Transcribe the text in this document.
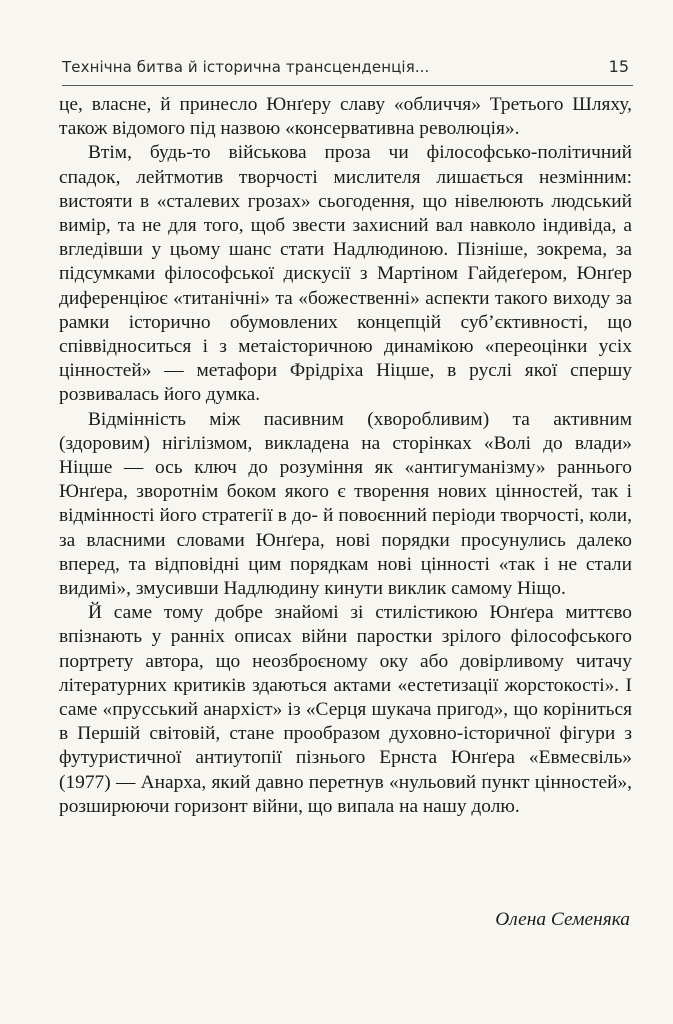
Технічна битва й історична трансценденція...	15

це, власне, й принесло Юнґеру славу «обличчя» Третього Шляху, також відомого під назвою «консервативна революція».

Втім, будь-то військова проза чи філософсько-політичний спадок, лейтмотив творчості мислителя лишається незмінним: вистояти в «сталевих грозах» сьогодення, що нівелюють людський вимір, та не для того, щоб звести захисний вал навколо індивіда, а вгледівши у цьому шанс стати Надлюдиною. Пізніше, зокрема, за підсумками філософської дискусії з Мартіном Гайдеґером, Юнґер диференціює «титанічні» та «божественні» аспекти такого виходу за рамки історично обумовлених концепцій суб’єктивності, що співвідноситься і з метаісторичною динамікою «переоцінки усіх цінностей» — метафори Фрідріха Ніцше, в руслі якої спершу розвивалась його думка.

Відмінність між пасивним (хворобливим) та активним (здоровим) нігілізмом, викладена на сторінках «Волі до влади» Ніцше — ось ключ до розуміння як «антигуманізму» раннього Юнґера, зворотнім боком якого є творення нових цінностей, так і відмінності його стратегії в до- й повоєнний періоди творчості, коли, за власними словами Юнґера, нові порядки просунулись далеко вперед, та відповідні цим порядкам нові цінності «так і не стали видимі», змусивши Надлюдину кинути виклик самому Ніщо.

Й саме тому добре знайомі зі стилістикою Юнґера миттєво впізнають у ранніх описах війни паростки зрілого філософського портрету автора, що неозброєному оку або довірливому читачу літературних критиків здаються актами «естетизації жорстокості». І саме «прусський анархіст» із «Серця шукача пригод», що коріниться в Першій світовій, стане прообразом духовно-історичної фігури з футуристичної антиутопії пізнього Ернста Юнґера «Евмесвіль» (1977) — Анарха, який давно перетнув «нульовий пункт цінностей», розширюючи горизонт війни, що випала на нашу долю.

Олена Семеняка
